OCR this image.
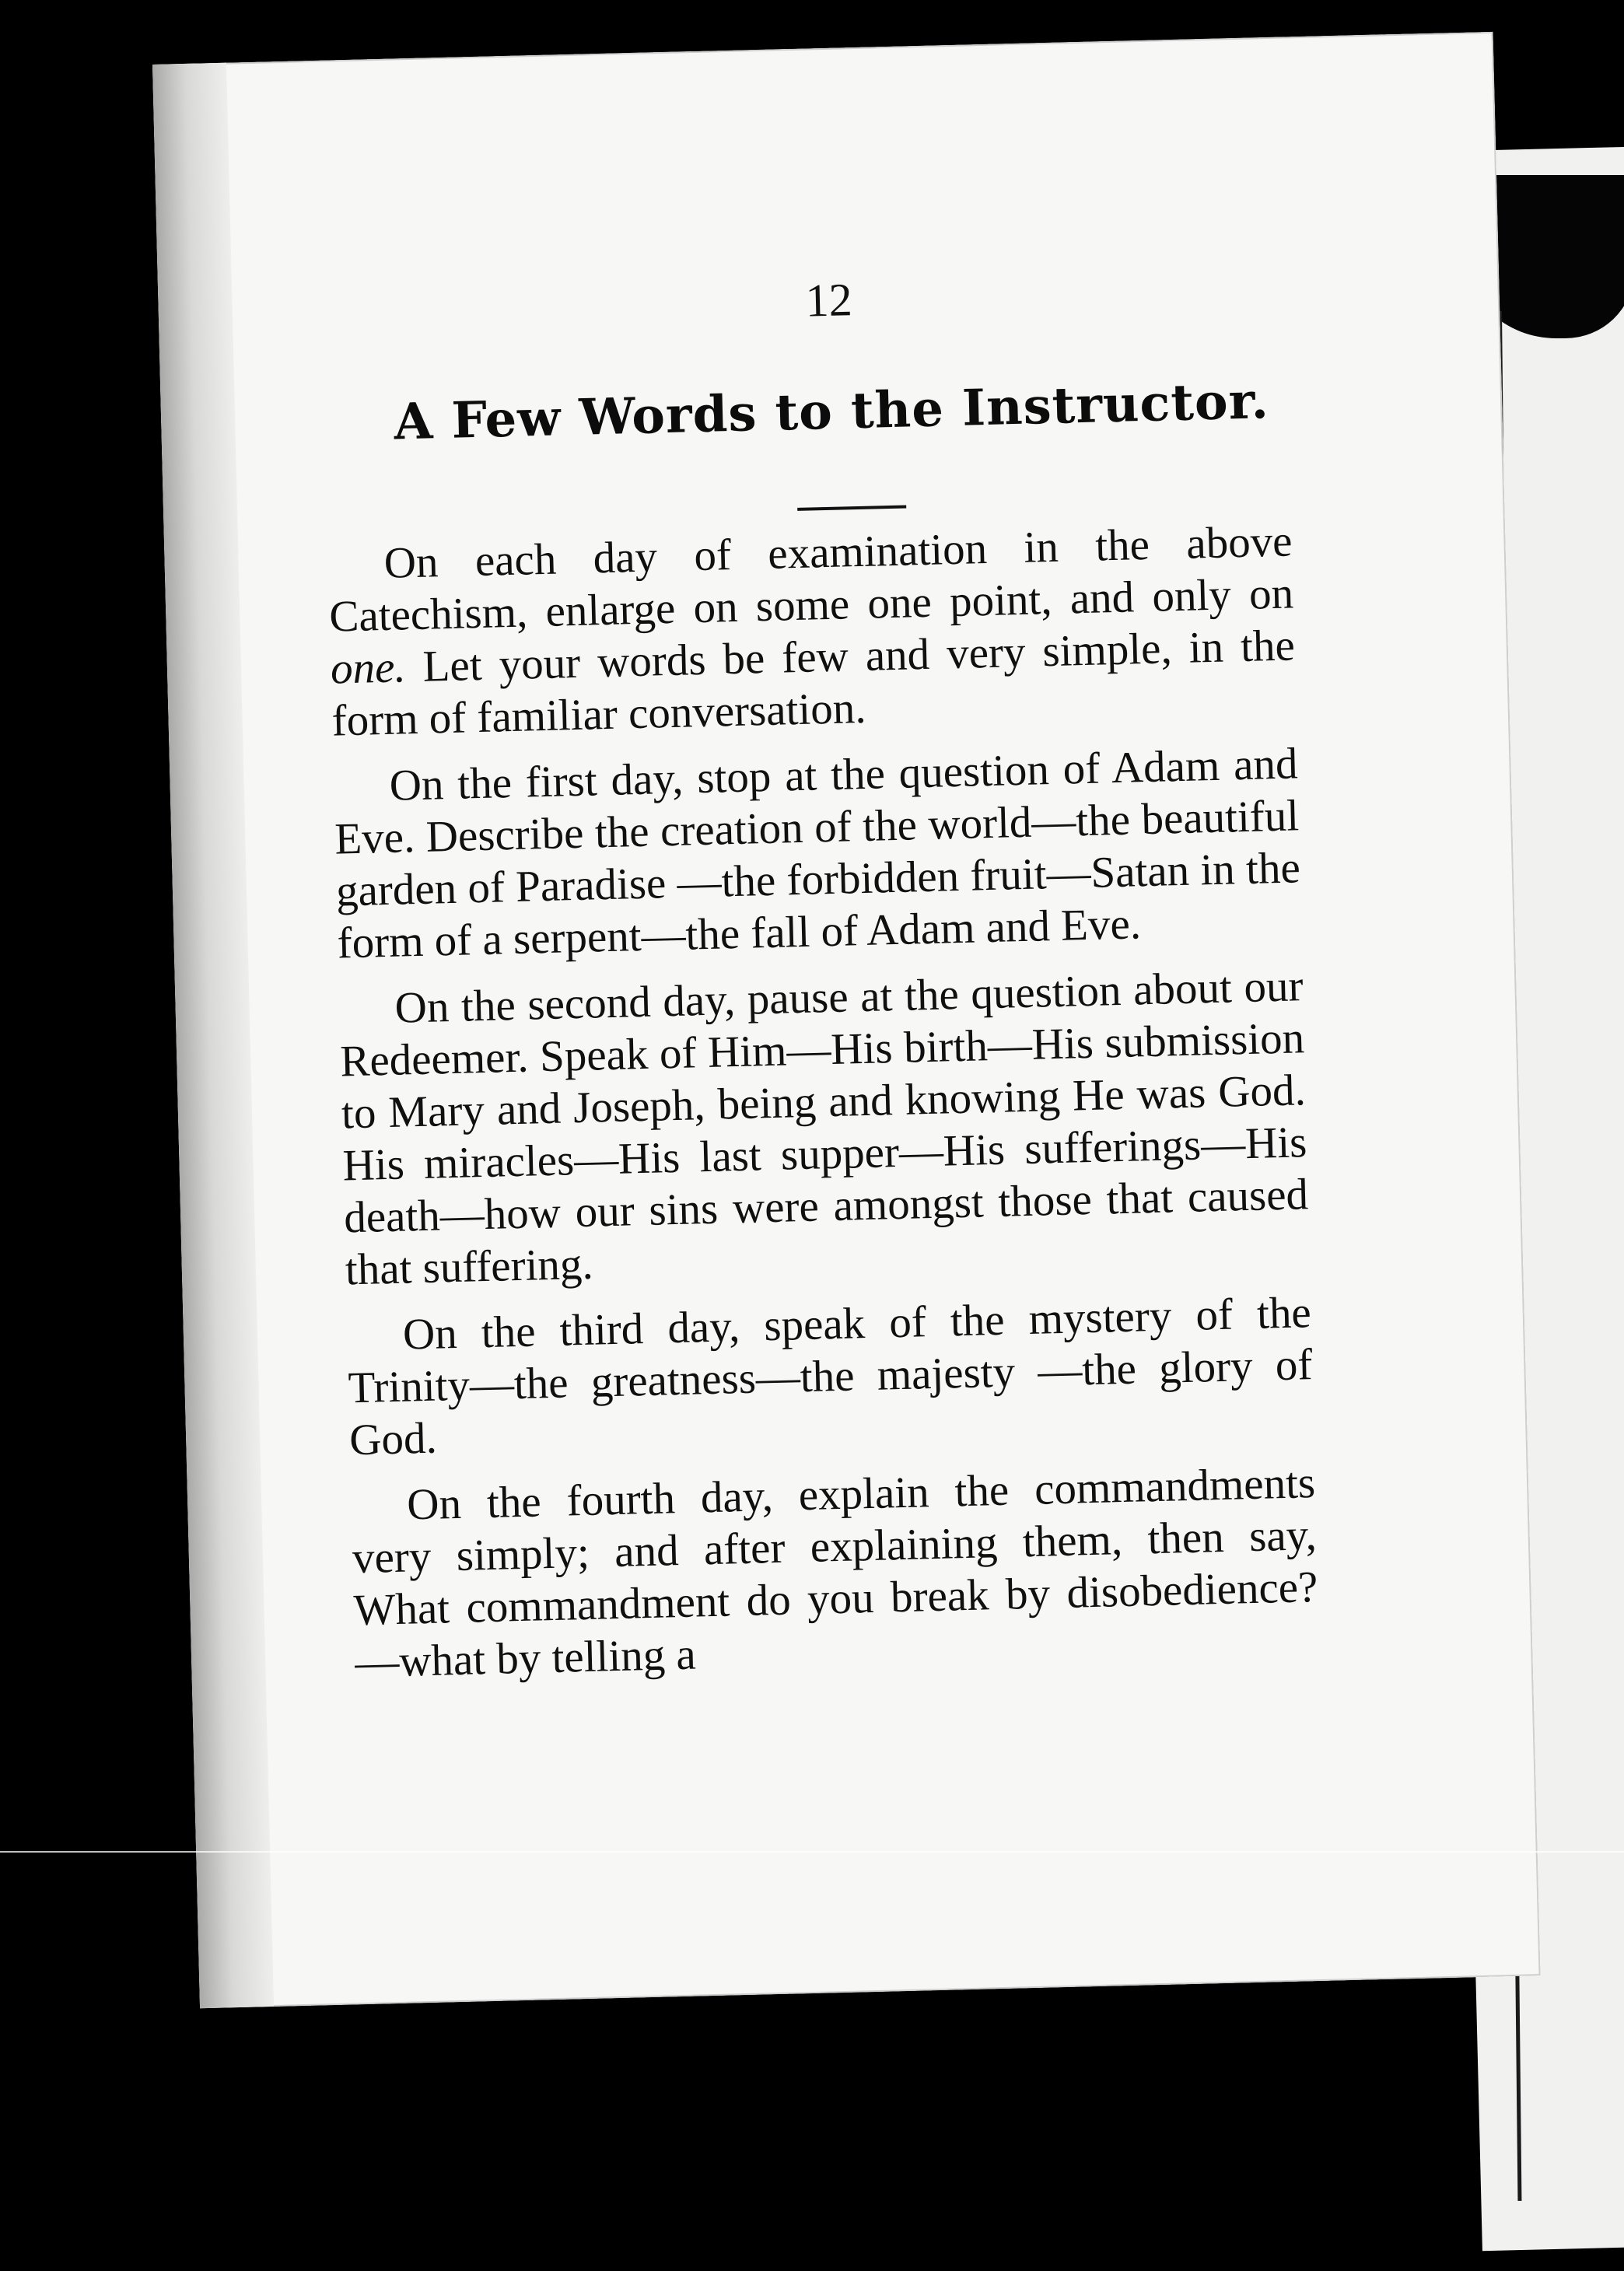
12
A Few Words to the Instructor.

On each day of examination in the above Catechism, enlarge on some one point, and only on one. Let your words be few and very simple, in the form of familiar conversation.

On the first day, stop at the question of Adam and Eve. Describe the creation of the world—the beautiful garden of Paradise —the forbidden fruit—Satan in the form of a serpent—the fall of Adam and Eve.

On the second day, pause at the question about our Redeemer. Speak of Him—His birth—His submission to Mary and Joseph, being and knowing He was God. His miracles—His last supper—His sufferings—His death—how our sins were amongst those that caused that suffering.

On the third day, speak of the mystery of the Trinity—the greatness—the majesty —the glory of God.

On the fourth day, explain the commandments very simply; and after explaining them, then say, What commandment do you break by disobedience?—what by telling a
